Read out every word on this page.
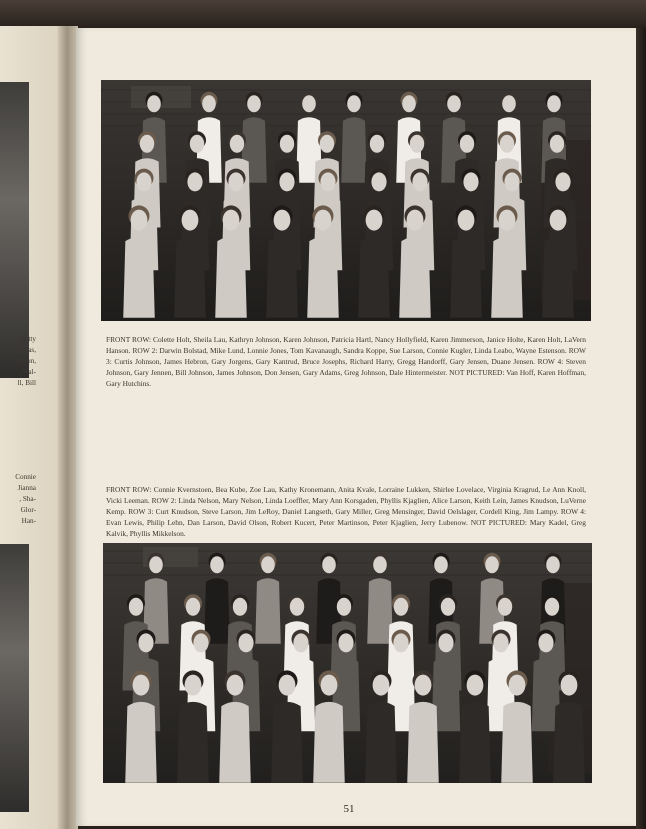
Betty
uglas,
ckson,
, Wal-
ll, Bill
Connie
Jianna
, Sha-
Glor-
Han-
FRONT ROW: Colette Holt, Sheila Lau, Kathryn Johnson, Karen Johnson, Patricia Hartl, Nancy Hollyfield, Karen Jimmerson, Janice Holte, Karen Holt, LaVern Hanson. ROW 2: Darwin Bolstad, Mike Lund, Lonnie Jones, Tom Kavanaugh, Sandra Koppe, Sue Larson, Connie Kugler, Linda Leabo, Wayne Estenson. ROW 3: Curtis Johnson, James Hebron, Gary Jorgens, Gary Kantrud, Bruce Josephs, Richard Harry, Gregg Handorff, Gary Jensen, Duane Jensen. ROW 4: Steven Johnson, Gary Jennen, Bill Johnson, James Johnson, Don Jensen, Gary Adams, Greg Johnson, Dale Hintermeister. NOT PICTURED: Van Hoff, Karen Hoffman, Gary Hutchins.
FRONT ROW: Connie Kvernstoen, Bea Kube, Zoe Lau, Kathy Kronemann, Anita Kvale, Lorraine Lukken, Shirlee Lovelace, Virginia Kragrud, Le Ann Knoll, Vicki Leeman. ROW 2: Linda Nelson, Mary Nelson, Linda Loeffler, Mary Ann Korsgaden, Phyllis Kjaglien, Alice Larson, Keith Lein, James Knudson, LuVerne Kemp. ROW 3: Curt Knudson, Steve Larson, Jim LeRoy, Daniel Langseth, Gary Miller, Greg Mensinger, David Oelslager, Cordell King, Jim Lampy. ROW 4: Evan Lewis, Philip Lehn, Dan Larson, David Olson, Robert Kucert, Peter Martinson, Peter Kjaglien, Jerry Lubenow. NOT PICTURED: Mary Kadel, Greg Kalvik, Phyllis Mikkelson.
51
